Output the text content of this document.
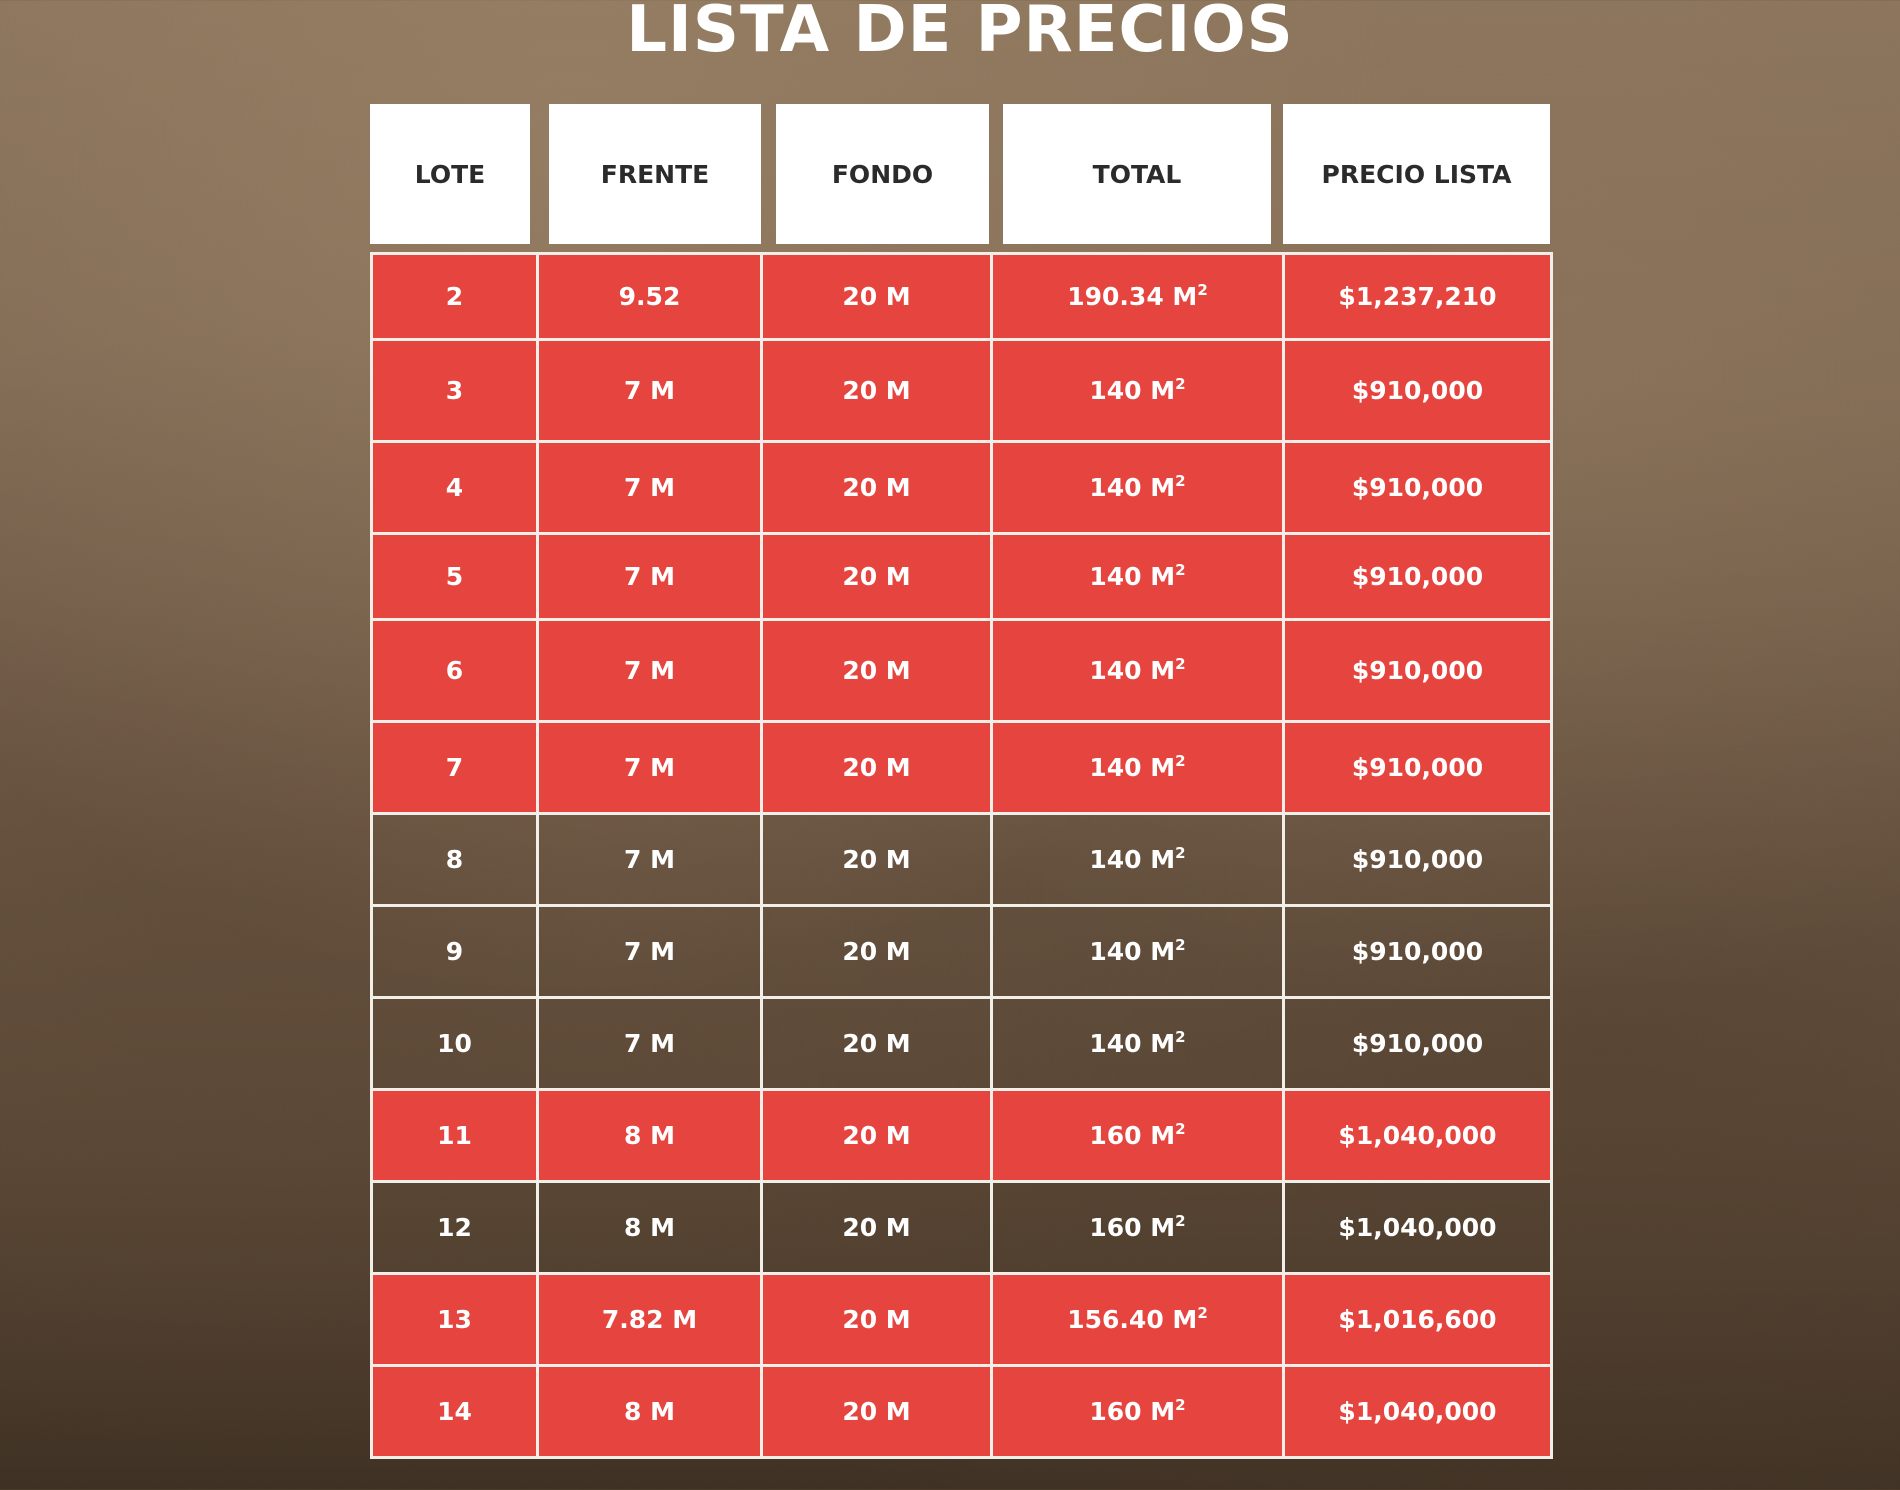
LISTA DE PRECIOS
LOTE	FRENTE	FONDO	TOTAL	PRECIO LISTA
2	9.52	20 M	190.34 $M^2$	$1,237,210
3	7 M	20 M	140 $M^2$	$910,000
4	7 M	20 M	140 $M^2$	$910,000
5	7 M	20 M	140 $M^2$	$910,000
6	7 M	20 M	140 $M^2$	$910,000
7	7 M	20 M	140 $M^2$	$910,000
8	7 M	20 M	140 $M^2$	$910,000
9	7 M	20 M	140 $M^2$	$910,000
10	7 M	20 M	140 $M^2$	$910,000
11	8 M	20 M	160 $M^2$	$1,040,000
12	8 M	20 M	160 $M^2$	$1,040,000
13	7.82 M	20 M	156.40 $M^2$	$1,016,600
14	8 M	20 M	160 $M^2$	$1,040,000
